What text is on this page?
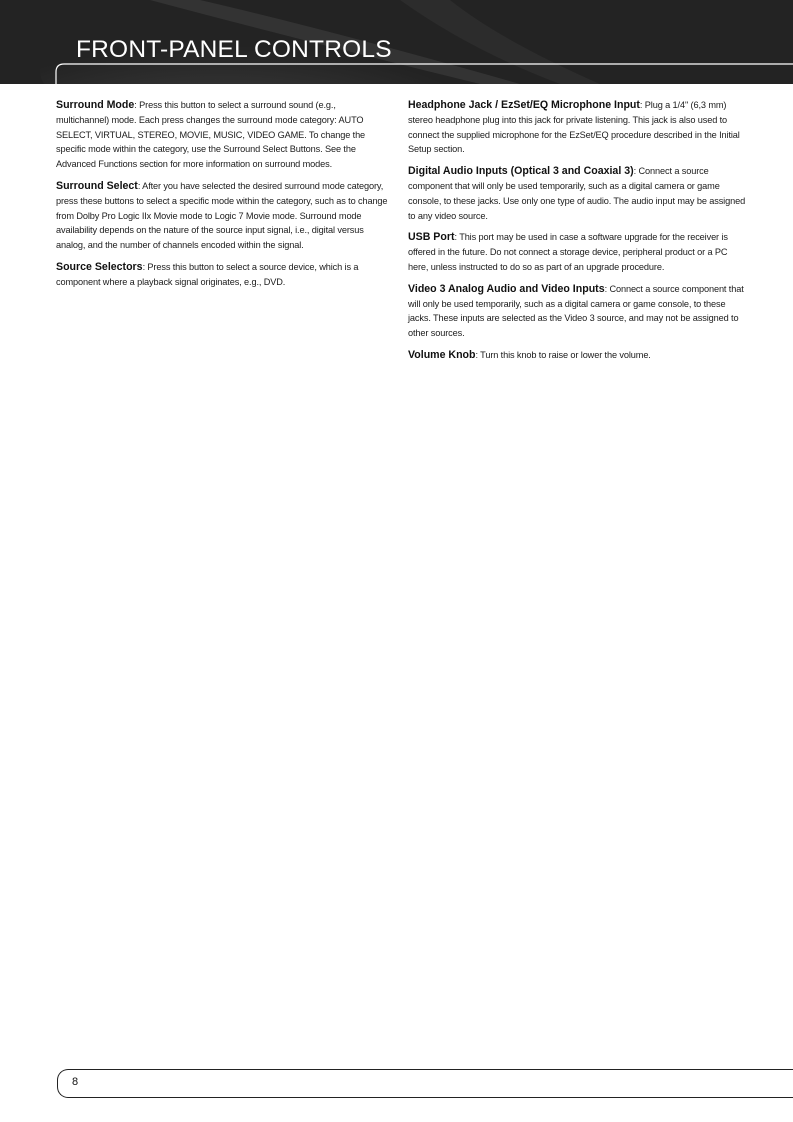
FRONT-PANEL CONTROLS

Surround Mode: Press this button to select a surround sound (e.g., multichannel) mode. Each press changes the surround mode category: AUTO SELECT, VIRTUAL, STEREO, MOVIE, MUSIC, VIDEO GAME. To change the specific mode within the category, use the Surround Select Buttons. See the Advanced Functions section for more information on surround modes.

Surround Select: After you have selected the desired surround mode category, press these buttons to select a specific mode within the category, such as to change from Dolby Pro Logic IIx Movie mode to Logic 7 Movie mode. Surround mode availability depends on the nature of the source input signal, i.e., digital versus analog, and the number of channels encoded within the signal.

Source Selectors: Press this button to select a source device, which is a component where a playback signal originates, e.g., DVD.

Headphone Jack / EzSet/EQ Microphone Input: Plug a 1/4" (6,3 mm) stereo headphone plug into this jack for private listening. This jack is also used to connect the supplied microphone for the EzSet/EQ procedure described in the Initial Setup section.

Digital Audio Inputs (Optical 3 and Coaxial 3): Connect a source component that will only be used temporarily, such as a digital camera or game console, to these jacks. Use only one type of audio. The audio input may be assigned to any video source.

USB Port: This port may be used in case a software upgrade for the receiver is offered in the future. Do not connect a storage device, peripheral product or a PC here, unless instructed to do so as part of an upgrade procedure.

Video 3 Analog Audio and Video Inputs: Connect a source component that will only be used temporarily, such as a digital camera or game console, to these jacks. These inputs are selected as the Video 3 source, and may not be assigned to other sources.

Volume Knob: Turn this knob to raise or lower the volume.

8
